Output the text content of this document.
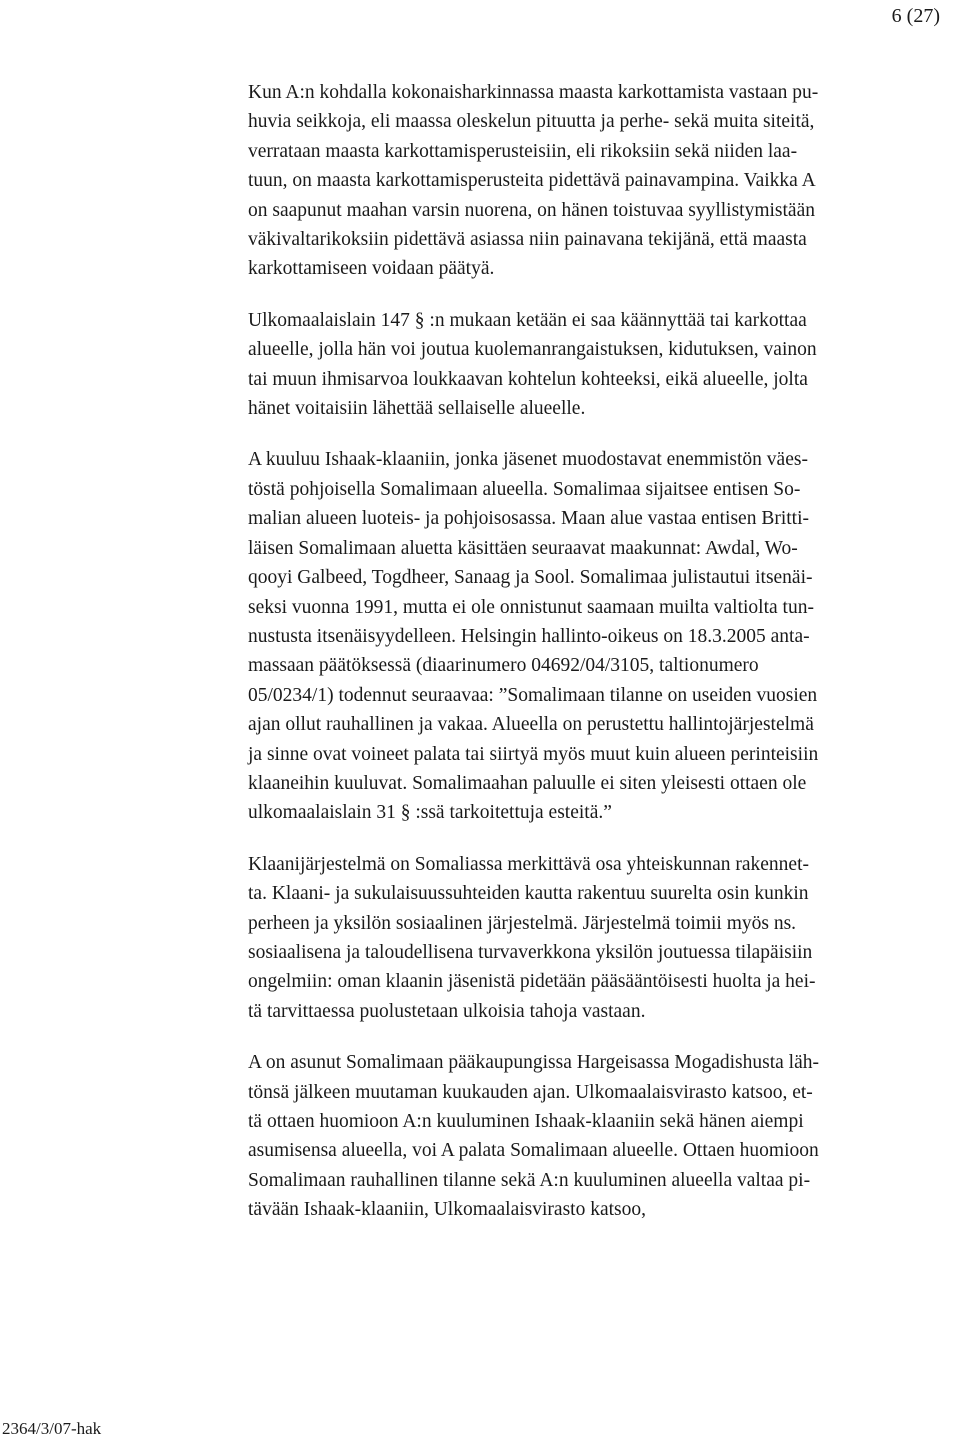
6 (27)
Kun A:n kohdalla kokonaisharkinnassa maasta karkottamista vastaan pu-
huvia seikkoja, eli maassa oleskelun pituutta ja perhe- sekä muita siteitä,
verrataan maasta karkottamisperusteisiin, eli rikoksiin sekä niiden laa-
tuun, on maasta karkottamisperusteita pidettävä painavampina. Vaikka A
on saapunut maahan varsin nuorena, on hänen toistuvaa syyllistymistään
väkivaltarikoksiin pidettävä asiassa niin painavana tekijänä, että maasta
karkottamiseen voidaan päätyä.
Ulkomaalaislain 147 § :n mukaan ketään ei saa käännyttää tai karkottaa
alueelle, jolla hän voi joutua kuolemanrangaistuksen, kidutuksen, vainon
tai muun ihmisarvoa loukkaavan kohtelun kohteeksi, eikä alueelle, jolta
hänet voitaisiin lähettää sellaiselle alueelle.
A kuuluu Ishaak-klaaniin, jonka jäsenet muodostavat enemmistön väes-
töstä pohjoisella Somalimaan alueella. Somalimaa sijaitsee entisen So-
malian alueen luoteis- ja pohjoisosassa. Maan alue vastaa entisen Britti-
läisen Somalimaan aluetta käsittäen seuraavat maakunnat: Awdal, Wo-
qooyi Galbeed, Togdheer, Sanaag ja Sool. Somalimaa julistautui itsenäi-
seksi vuonna 1991, mutta ei ole onnistunut saamaan muilta valtiolta tun-
nustusta itsenäisyydelleen. Helsingin hallinto-oikeus on 18.3.2005 anta-
massaan päätöksessä (diaarinumero 04692/04/3105, taltionumero
05/0234/1) todennut seuraavaa: ”Somalimaan tilanne on useiden vuosien
ajan ollut rauhallinen ja vakaa. Alueella on perustettu hallintojärjestelmä
ja sinne ovat voineet palata tai siirtyä myös muut kuin alueen perinteisiin
klaaneihin kuuluvat. Somalimaahan paluulle ei siten yleisesti ottaen ole
ulkomaalaislain 31 § :ssä tarkoitettuja esteitä.”
Klaanijärjestelmä on Somaliassa merkittävä osa yhteiskunnan rakennet-
ta. Klaani- ja sukulaisuussuhteiden kautta rakentuu suurelta osin kunkin
perheen ja yksilön sosiaalinen järjestelmä. Järjestelmä toimii myös ns.
sosiaalisena ja taloudellisena turvaverkkona yksilön joutuessa tilapäisiin
ongelmiin: oman klaanin jäsenistä pidetään pääsääntöisesti huolta ja hei-
tä tarvittaessa puolustetaan ulkoisia tahoja vastaan.
A on asunut Somalimaan pääkaupungissa Hargeisassa Mogadishusta läh-
tönsä jälkeen muutaman kuukauden ajan. Ulkomaalaisvirasto katsoo, et-
tä ottaen huomioon A:n kuuluminen Ishaak-klaaniin sekä hänen aiempi
asumisensa alueella, voi A palata Somalimaan alueelle. Ottaen huomioon
Somalimaan rauhallinen tilanne sekä A:n kuuluminen alueella valtaa pi-
tävään Ishaak-klaaniin, Ulkomaalaisvirasto katsoo,
2364/3/07-hak
